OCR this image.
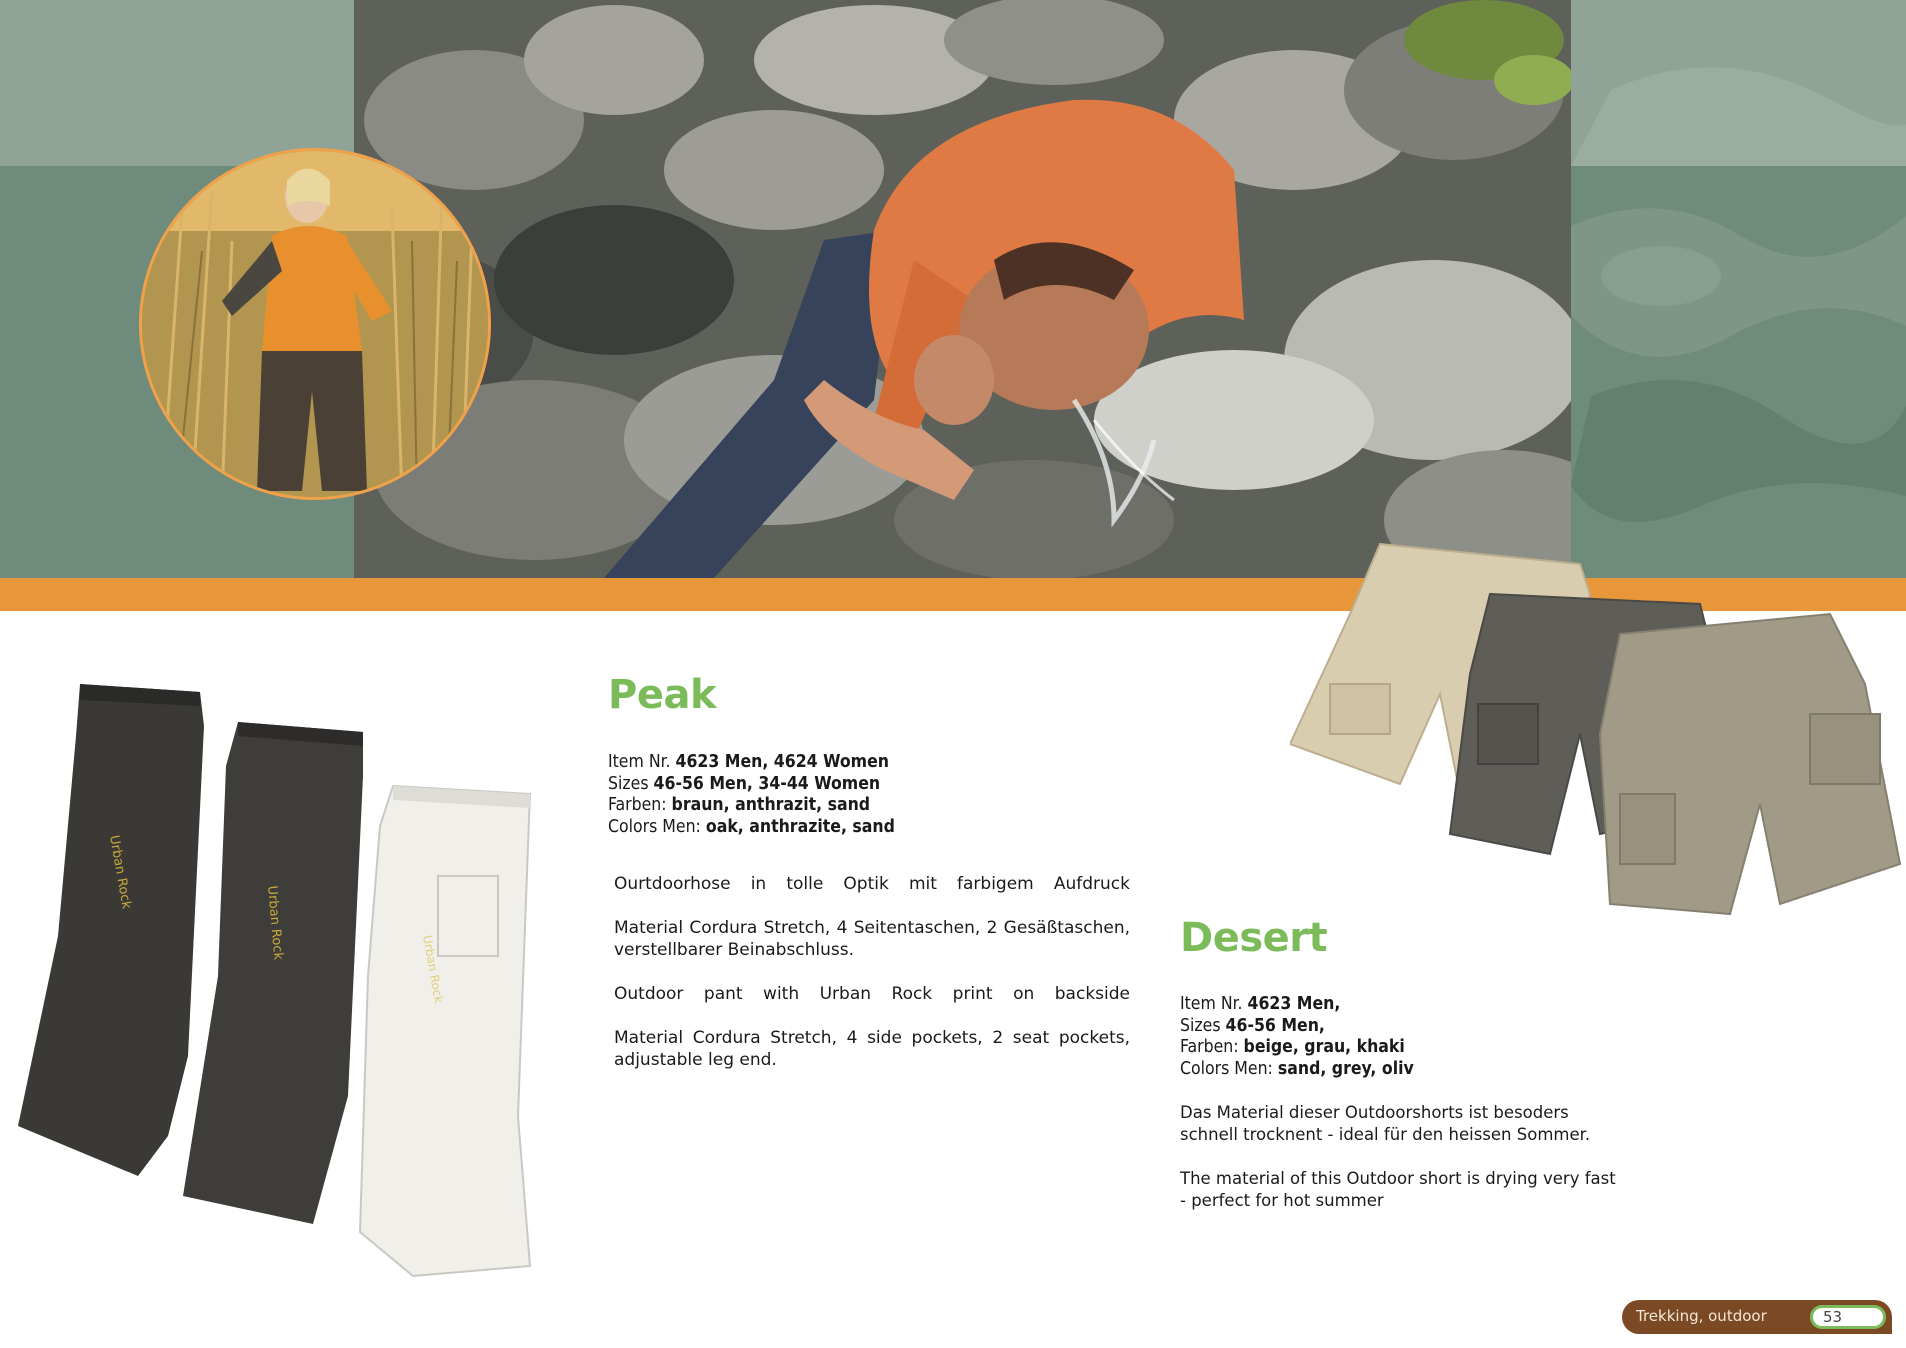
Urban Rock
Urban Rock
Urban Rock
Peak
Item Nr. 4623 Men, 4624 Women
Sizes 46-56 Men, 34-44 Women
Farben: braun, anthrazit, sand
Colors Men: oak, anthrazite, sand

Ourtdoorhose in tolle Optik mit farbigem Aufdruck

Material Cordura Stretch, 4 Seitentaschen, 2 Gesäßtaschen, verstellbarer Beinabschluss.

Outdoor pant with Urban Rock print on backside

Material Cordura Stretch, 4 side pockets, 2 seat pockets, adjustable leg end.

Desert
Item Nr. 4623 Men,
Sizes 46-56 Men,
Farben: beige, grau, khaki
Colors Men: sand, grey, oliv

Das Material dieser Outdoorshorts ist besoders schnell trocknent - ideal für den heissen Sommer.

The material of this Outdoor short is drying very fast - perfect for hot summer

Trekking, outdoor	53
